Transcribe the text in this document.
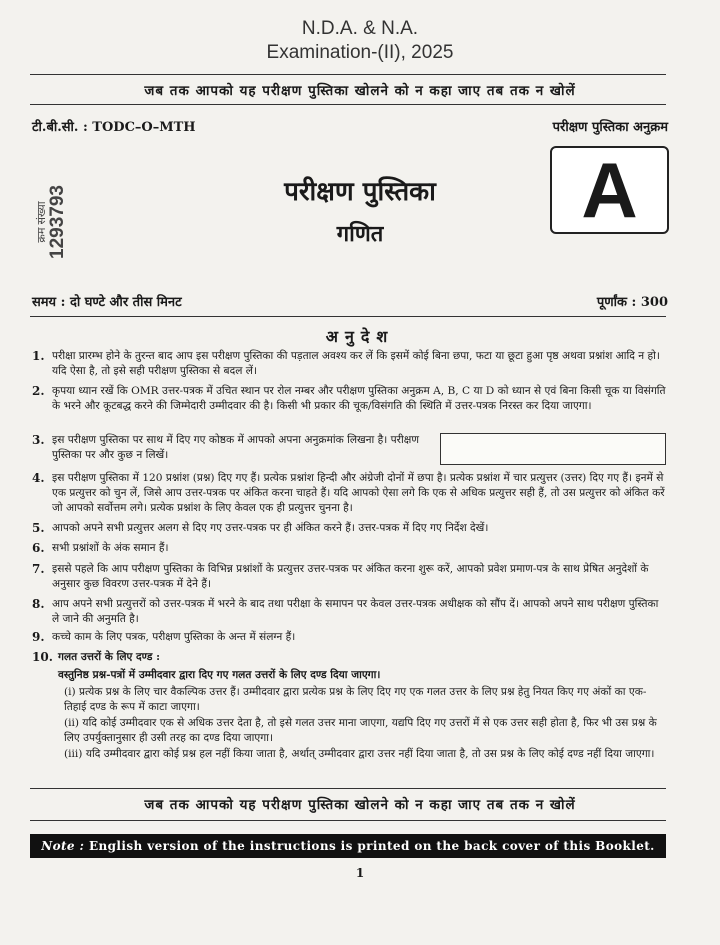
N.D.A. & N.A.
Examination-(II), 2025
जब तक आपको यह परीक्षण पुस्तिका खोलने को न कहा जाए तब तक न खोलें
टी.बी.सी. : TODC–O–MTH	परीक्षण पुस्तिका अनुक्रम
क्रम संख्या 1293793	परीक्षण पुस्तिका
गणित	A
समय : दो घण्टे और तीस मिनट	पूर्णांक : 300
अनुदेश
1. परीक्षा प्रारम्भ होने के तुरन्त बाद आप इस परीक्षण पुस्तिका की पड़ताल अवश्य कर लें कि इसमें कोई बिना छपा, फटा या छूटा हुआ पृष्ठ अथवा प्रश्नांश आदि न हो। यदि ऐसा है, तो इसे सही परीक्षण पुस्तिका से बदल लें।
2. कृपया ध्यान रखें कि OMR उत्तर-पत्रक में उचित स्थान पर रोल नम्बर और परीक्षण पुस्तिका अनुक्रम A, B, C या D को ध्यान से एवं बिना किसी चूक या विसंगति के भरने और कूटबद्ध करने की जिम्मेदारी उम्मीदवार की है। किसी भी प्रकार की चूक/विसंगति की स्थिति में उत्तर-पत्रक निरस्त कर दिया जाएगा।
3. इस परीक्षण पुस्तिका पर साथ में दिए गए कोष्ठक में आपको अपना अनुक्रमांक लिखना है। परीक्षण पुस्तिका पर और कुछ न लिखें।
4. इस परीक्षण पुस्तिका में 120 प्रश्नांश (प्रश्न) दिए गए हैं। प्रत्येक प्रश्नांश हिन्दी और अंग्रेजी दोनों में छपा है। प्रत्येक प्रश्नांश में चार प्रत्युत्तर (उत्तर) दिए गए हैं। इनमें से एक प्रत्युत्तर को चुन लें, जिसे आप उत्तर-पत्रक पर अंकित करना चाहते हैं। यदि आपको ऐसा लगे कि एक से अधिक प्रत्युत्तर सही हैं, तो उस प्रत्युत्तर को अंकित करें जो आपको सर्वोत्तम लगे। प्रत्येक प्रश्नांश के लिए केवल एक ही प्रत्युत्तर चुनना है।
5. आपको अपने सभी प्रत्युत्तर अलग से दिए गए उत्तर-पत्रक पर ही अंकित करने हैं। उत्तर-पत्रक में दिए गए निर्देश देखें।
6. सभी प्रश्नांशों के अंक समान हैं।
7. इससे पहले कि आप परीक्षण पुस्तिका के विभिन्न प्रश्नांशों के प्रत्युत्तर उत्तर-पत्रक पर अंकित करना शुरू करें, आपको प्रवेश प्रमाण-पत्र के साथ प्रेषित अनुदेशों के अनुसार कुछ विवरण उत्तर-पत्रक में देने हैं।
8. आप अपने सभी प्रत्युत्तरों को उत्तर-पत्रक में भरने के बाद तथा परीक्षा के समापन पर केवल उत्तर-पत्रक अधीक्षक को सौंप दें। आपको अपने साथ परीक्षण पुस्तिका ले जाने की अनुमति है।
9. कच्चे काम के लिए पत्रक, परीक्षण पुस्तिका के अन्त में संलग्न हैं।
10. गलत उत्तरों के लिए दण्ड :
वस्तुनिष्ठ प्रश्न-पत्रों में उम्मीदवार द्वारा दिए गए गलत उत्तरों के लिए दण्ड दिया जाएगा।
(i) प्रत्येक प्रश्न के लिए चार वैकल्पिक उत्तर हैं। उम्मीदवार द्वारा प्रत्येक प्रश्न के लिए दिए गए एक गलत उत्तर के लिए प्रश्न हेतु नियत किए गए अंकों का एक-तिहाई दण्ड के रूप में काटा जाएगा।
(ii) यदि कोई उम्मीदवार एक से अधिक उत्तर देता है, तो इसे गलत उत्तर माना जाएगा, यद्यपि दिए गए उत्तरों में से एक उत्तर सही होता है, फिर भी उस प्रश्न के लिए उपर्युक्तानुसार ही उसी तरह का दण्ड दिया जाएगा।
(iii) यदि उम्मीदवार द्वारा कोई प्रश्न हल नहीं किया जाता है, अर्थात् उम्मीदवार द्वारा उत्तर नहीं दिया जाता है, तो उस प्रश्न के लिए कोई दण्ड नहीं दिया जाएगा।
जब तक आपको यह परीक्षण पुस्तिका खोलने को न कहा जाए तब तक न खोलें
Note : English version of the instructions is printed on the back cover of this Booklet.
1
